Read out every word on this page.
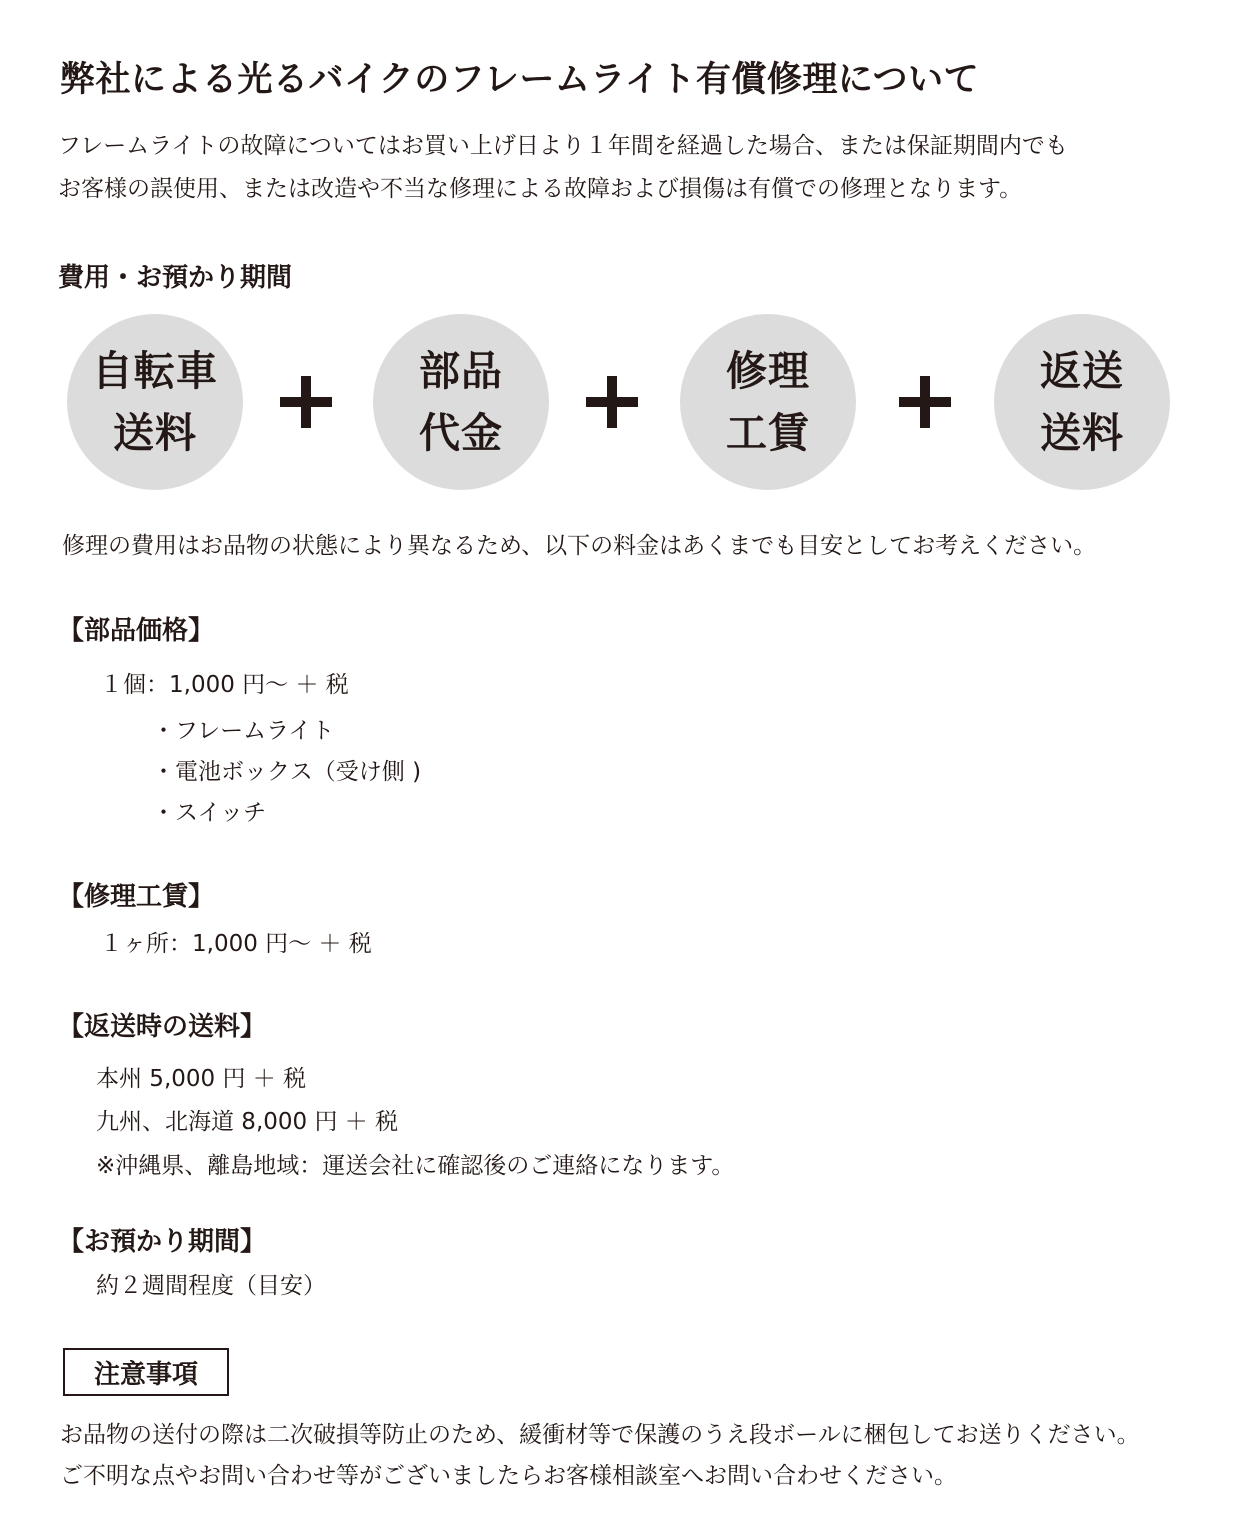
弊社による光るバイクのフレームライト有償修理について
フレームライトの故障についてはお買い上げ日より１年間を経過した場合、または保証期間内でも
お客様の誤使用、または改造や不当な修理による故障および損傷は有償での修理となります。
費用・お預かり期間
自転車
送料
部品
代金
修理
工賃
返送
送料
修理の費用はお品物の状態により異なるため、以下の料金はあくまでも目安としてお考えください。
【部品価格】
１個：1,000 円～ ＋ 税
・フレームライト
・電池ボックス（受け側 )
・スイッチ
【修理工賃】
１ヶ所：1,000 円～ ＋ 税
【返送時の送料】
本州 5,000 円 ＋ 税
九州、北海道 8,000 円 ＋ 税
※沖縄県、離島地域：運送会社に確認後のご連絡になります。
【お預かり期間】
約２週間程度（目安）
注意事項
お品物の送付の際は二次破損等防止のため、緩衝材等で保護のうえ段ボールに梱包してお送りください。
ご不明な点やお問い合わせ等がございましたらお客様相談室へお問い合わせください。
